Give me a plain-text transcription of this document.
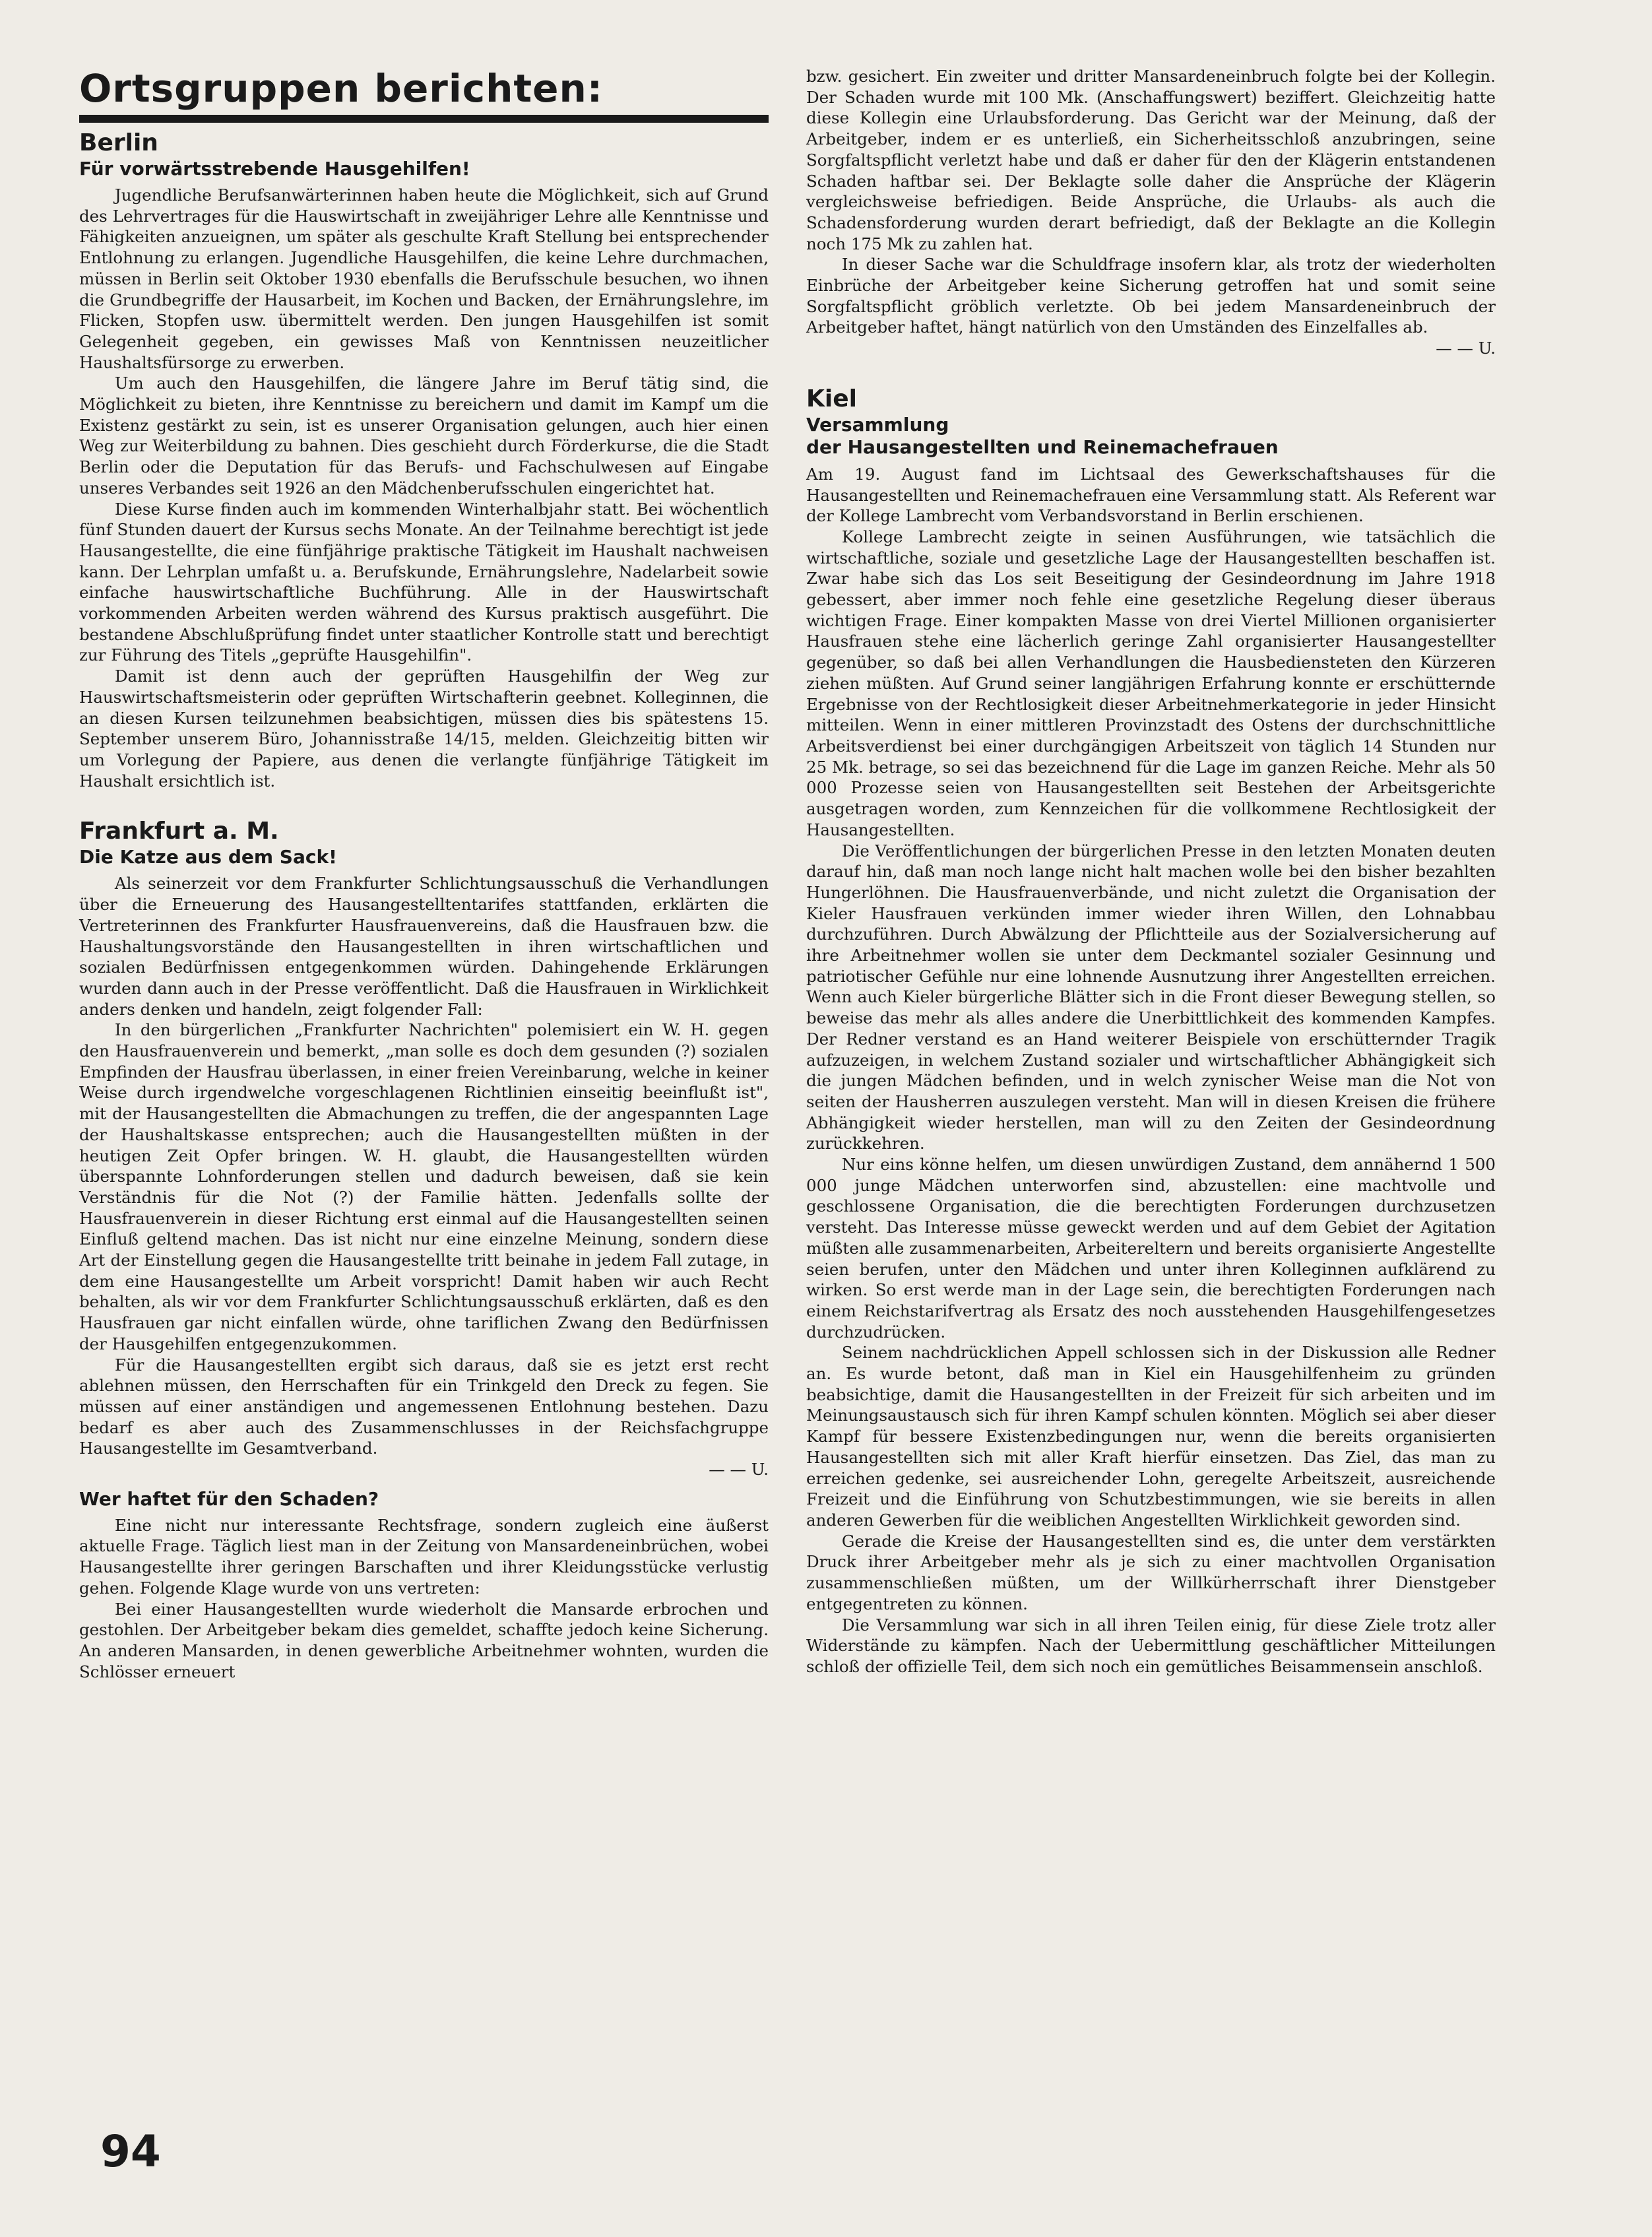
Ortsgruppen berichten:
Berlin
Für vorwärtsstrebende Hausgehilfen!

Jugendliche Berufsanwärterinnen haben heute die Möglichkeit, sich auf Grund des Lehrvertrages für die Hauswirtschaft in zweijähriger Lehre alle Kenntnisse und Fähigkeiten anzueignen, um später als geschulte Kraft Stellung bei entsprechender Entlohnung zu erlangen. Jugendliche Hausgehilfen, die keine Lehre durchmachen, müssen in Berlin seit Oktober 1930 ebenfalls die Berufsschule besuchen, wo ihnen die Grundbegriffe der Hausarbeit, im Kochen und Backen, der Ernährungslehre, im Flicken, Stopfen usw. übermittelt werden. Den jungen Hausgehilfen ist somit Gelegenheit gegeben, ein gewisses Maß von Kenntnissen neuzeitlicher Haushaltsfürsorge zu erwerben.

Um auch den Hausgehilfen, die längere Jahre im Beruf tätig sind, die Möglichkeit zu bieten, ihre Kenntnisse zu bereichern und damit im Kampf um die Existenz gestärkt zu sein, ist es unserer Organisation gelungen, auch hier einen Weg zur Weiterbildung zu bahnen. Dies geschieht durch Förderkurse, die die Stadt Berlin oder die Deputation für das Berufs- und Fachschulwesen auf Eingabe unseres Verbandes seit 1926 an den Mädchenberufsschulen eingerichtet hat.

Diese Kurse finden auch im kommenden Winterhalbjahr statt. Bei wöchentlich fünf Stunden dauert der Kursus sechs Monate. An der Teilnahme berechtigt ist jede Hausangestellte, die eine fünfjährige praktische Tätigkeit im Haushalt nachweisen kann. Der Lehrplan umfaßt u. a. Berufskunde, Ernährungslehre, Nadelarbeit sowie einfache hauswirtschaftliche Buchführung. Alle in der Hauswirtschaft vorkommenden Arbeiten werden während des Kursus praktisch ausgeführt. Die bestandene Abschlußprüfung findet unter staatlicher Kontrolle statt und berechtigt zur Führung des Titels „geprüfte Hausgehilfin".

Damit ist denn auch der geprüften Hausgehilfin der Weg zur Hauswirtschaftsmeisterin oder geprüften Wirtschafterin geebnet. Kolleginnen, die an diesen Kursen teilzunehmen beabsichtigen, müssen dies bis spätestens 15. September unserem Büro, Johannisstraße 14/15, melden. Gleichzeitig bitten wir um Vorlegung der Papiere, aus denen die verlangte fünfjährige Tätigkeit im Haushalt ersichtlich ist.

Frankfurt a. M.
Die Katze aus dem Sack!

Als seinerzeit vor dem Frankfurter Schlichtungsausschuß die Verhandlungen über die Erneuerung des Hausangestelltentarifes stattfanden, erklärten die Vertreterinnen des Frankfurter Hausfrauenvereins, daß die Hausfrauen bzw. die Haushaltungsvorstände den Hausangestellten in ihren wirtschaftlichen und sozialen Bedürfnissen entgegenkommen würden. Dahingehende Erklärungen wurden dann auch in der Presse veröffentlicht. Daß die Hausfrauen in Wirklichkeit anders denken und handeln, zeigt folgender Fall:

In den bürgerlichen „Frankfurter Nachrichten" polemisiert ein W. H. gegen den Hausfrauenverein und bemerkt, „man solle es doch dem gesunden (?) sozialen Empfinden der Hausfrau überlassen, in einer freien Vereinbarung, welche in keiner Weise durch irgendwelche vorgeschlagenen Richtlinien einseitig beeinflußt ist", mit der Hausangestellten die Abmachungen zu treffen, die der angespannten Lage der Haushaltskasse entsprechen; auch die Hausangestellten müßten in der heutigen Zeit Opfer bringen. W. H. glaubt, die Hausangestellten würden überspannte Lohnforderungen stellen und dadurch beweisen, daß sie kein Verständnis für die Not (?) der Familie hätten. Jedenfalls sollte der Hausfrauenverein in dieser Richtung erst einmal auf die Hausangestellten seinen Einfluß geltend machen. Das ist nicht nur eine einzelne Meinung, sondern diese Art der Einstellung gegen die Hausangestellte tritt beinahe in jedem Fall zutage, in dem eine Hausangestellte um Arbeit vorspricht! Damit haben wir auch Recht behalten, als wir vor dem Frankfurter Schlichtungsausschuß erklärten, daß es den Hausfrauen gar nicht einfallen würde, ohne tariflichen Zwang den Bedürfnissen der Hausgehilfen entgegenzukommen.

Für die Hausangestellten ergibt sich daraus, daß sie es jetzt erst recht ablehnen müssen, den Herrschaften für ein Trinkgeld den Dreck zu fegen. Sie müssen auf einer anständigen und angemessenen Entlohnung bestehen. Dazu bedarf es aber auch des Zusammenschlusses in der Reichsfachgruppe Hausangestellte im Gesamtverband.

— — U.

Wer haftet für den Schaden?

Eine nicht nur interessante Rechtsfrage, sondern zugleich eine äußerst aktuelle Frage. Täglich liest man in der Zeitung von Mansardeneinbrüchen, wobei Hausangestellte ihrer geringen Barschaften und ihrer Kleidungsstücke verlustig gehen. Folgende Klage wurde von uns vertreten:

Bei einer Hausangestellten wurde wiederholt die Mansarde erbrochen und gestohlen. Der Arbeitgeber bekam dies gemeldet, schaffte jedoch keine Sicherung. An anderen Mansarden, in denen gewerbliche Arbeitnehmer wohnten, wurden die Schlösser erneuert

bzw. gesichert. Ein zweiter und dritter Mansardeneinbruch folgte bei der Kollegin. Der Schaden wurde mit 100 Mk. (Anschaffungswert) beziffert. Gleichzeitig hatte diese Kollegin eine Urlaubsforderung. Das Gericht war der Meinung, daß der Arbeitgeber, indem er es unterließ, ein Sicherheitsschloß anzubringen, seine Sorgfaltspflicht verletzt habe und daß er daher für den der Klägerin entstandenen Schaden haftbar sei. Der Beklagte solle daher die Ansprüche der Klägerin vergleichsweise befriedigen. Beide Ansprüche, die Urlaubs- als auch die Schadensforderung wurden derart befriedigt, daß der Beklagte an die Kollegin noch 175 Mk zu zahlen hat.

In dieser Sache war die Schuldfrage insofern klar, als trotz der wiederholten Einbrüche der Arbeitgeber keine Sicherung getroffen hat und somit seine Sorgfaltspflicht gröblich verletzte. Ob bei jedem Mansardeneinbruch der Arbeitgeber haftet, hängt natürlich von den Umständen des Einzelfalles ab.

— — U.

Kiel
Versammlung
der Hausangestellten und Reinemachefrauen

Am 19. August fand im Lichtsaal des Gewerkschaftshauses für die Hausangestellten und Reinemachefrauen eine Versammlung statt. Als Referent war der Kollege Lambrecht vom Verbandsvorstand in Berlin erschienen.

Kollege Lambrecht zeigte in seinen Ausführungen, wie tatsächlich die wirtschaftliche, soziale und gesetzliche Lage der Hausangestellten beschaffen ist. Zwar habe sich das Los seit Beseitigung der Gesindeordnung im Jahre 1918 gebessert, aber immer noch fehle eine gesetzliche Regelung dieser überaus wichtigen Frage. Einer kompakten Masse von drei Viertel Millionen organisierter Hausfrauen stehe eine lächerlich geringe Zahl organisierter Hausangestellter gegenüber, so daß bei allen Verhandlungen die Hausbediensteten den Kürzeren ziehen müßten. Auf Grund seiner langjährigen Erfahrung konnte er erschütternde Ergebnisse von der Rechtlosigkeit dieser Arbeitnehmerkategorie in jeder Hinsicht mitteilen. Wenn in einer mittleren Provinzstadt des Ostens der durchschnittliche Arbeitsverdienst bei einer durchgängigen Arbeitszeit von täglich 14 Stunden nur 25 Mk. betrage, so sei das bezeichnend für die Lage im ganzen Reiche. Mehr als 50 000 Prozesse seien von Hausangestellten seit Bestehen der Arbeitsgerichte ausgetragen worden, zum Kennzeichen für die vollkommene Rechtlosigkeit der Hausangestellten.

Die Veröffentlichungen der bürgerlichen Presse in den letzten Monaten deuten darauf hin, daß man noch lange nicht halt machen wolle bei den bisher bezahlten Hungerlöhnen. Die Hausfrauenverbände, und nicht zuletzt die Organisation der Kieler Hausfrauen verkünden immer wieder ihren Willen, den Lohnabbau durchzuführen. Durch Abwälzung der Pflichtteile aus der Sozialversicherung auf ihre Arbeitnehmer wollen sie unter dem Deckmantel sozialer Gesinnung und patriotischer Gefühle nur eine lohnende Ausnutzung ihrer Angestellten erreichen. Wenn auch Kieler bürgerliche Blätter sich in die Front dieser Bewegung stellen, so beweise das mehr als alles andere die Unerbittlichkeit des kommenden Kampfes. Der Redner verstand es an Hand weiterer Beispiele von erschütternder Tragik aufzuzeigen, in welchem Zustand sozialer und wirtschaftlicher Abhängigkeit sich die jungen Mädchen befinden, und in welch zynischer Weise man die Not von seiten der Hausherren auszulegen versteht. Man will in diesen Kreisen die frühere Abhängigkeit wieder herstellen, man will zu den Zeiten der Gesindeordnung zurückkehren.

Nur eins könne helfen, um diesen unwürdigen Zustand, dem annähernd 1 500 000 junge Mädchen unterworfen sind, abzustellen: eine machtvolle und geschlossene Organisation, die die berechtigten Forderungen durchzusetzen versteht. Das Interesse müsse geweckt werden und auf dem Gebiet der Agitation müßten alle zusammenarbeiten, Arbeitereltern und bereits organisierte Angestellte seien berufen, unter den Mädchen und unter ihren Kolleginnen aufklärend zu wirken. So erst werde man in der Lage sein, die berechtigten Forderungen nach einem Reichstarifvertrag als Ersatz des noch ausstehenden Hausgehilfengesetzes durchzudrücken.

Seinem nachdrücklichen Appell schlossen sich in der Diskussion alle Redner an. Es wurde betont, daß man in Kiel ein Hausgehilfenheim zu gründen beabsichtige, damit die Hausangestellten in der Freizeit für sich arbeiten und im Meinungsaustausch sich für ihren Kampf schulen könnten. Möglich sei aber dieser Kampf für bessere Existenzbedingungen nur, wenn die bereits organisierten Hausangestellten sich mit aller Kraft hierfür einsetzen. Das Ziel, das man zu erreichen gedenke, sei ausreichender Lohn, geregelte Arbeitszeit, ausreichende Freizeit und die Einführung von Schutzbestimmungen, wie sie bereits in allen anderen Gewerben für die weiblichen Angestellten Wirklichkeit geworden sind.

Gerade die Kreise der Hausangestellten sind es, die unter dem verstärkten Druck ihrer Arbeitgeber mehr als je sich zu einer machtvollen Organisation zusammenschließen müßten, um der Willkürherrschaft ihrer Dienstgeber entgegentreten zu können.

Die Versammlung war sich in all ihren Teilen einig, für diese Ziele trotz aller Widerstände zu kämpfen. Nach der Uebermittlung geschäftlicher Mitteilungen schloß der offizielle Teil, dem sich noch ein gemütliches Beisammensein anschloß.

94
